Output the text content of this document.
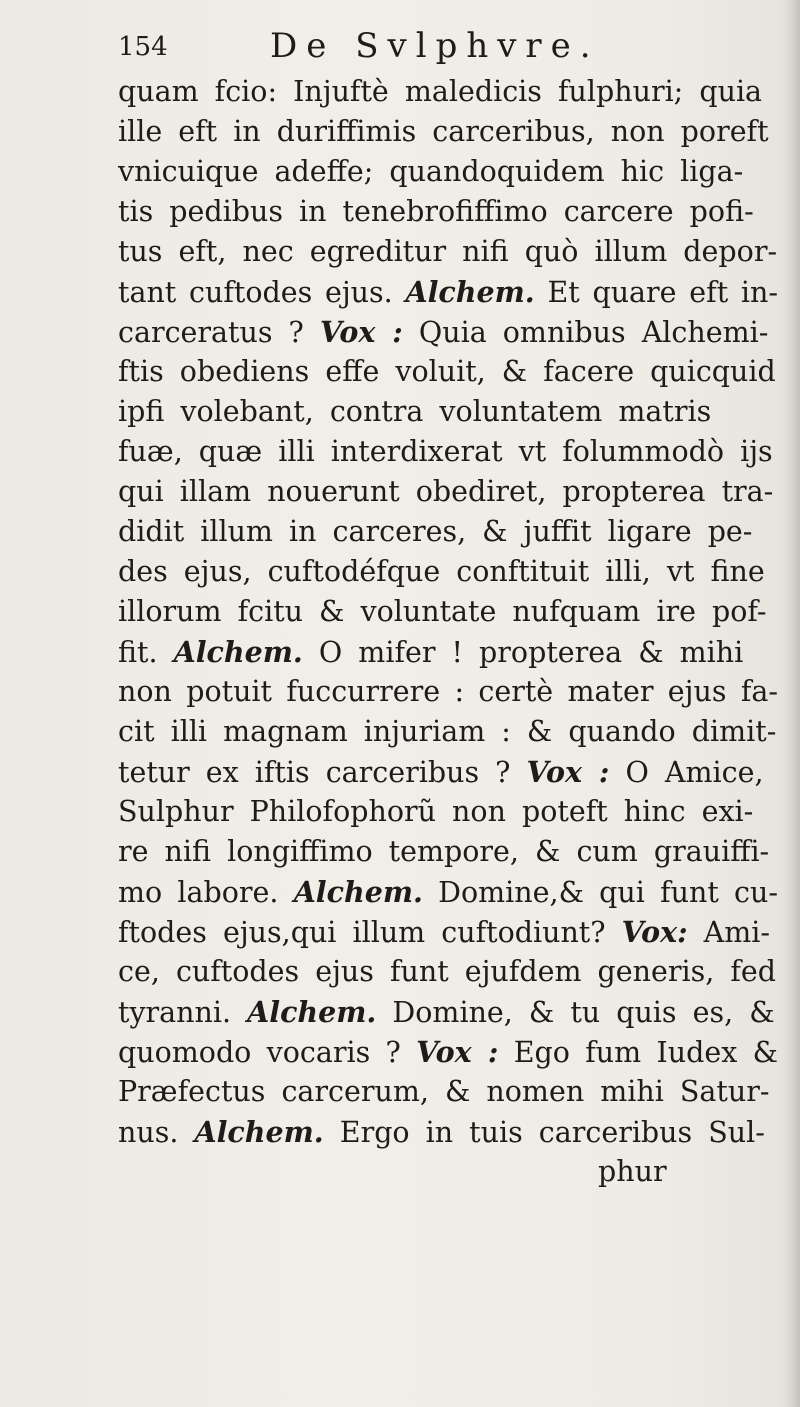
154	De Svlphvre.
quam fcio: Injuftè maledicis fulphuri; quia
ille eft in duriffimis carceribus, non poreft
vnicuique adeffe; quandoquidem hic liga-
tis pedibus in tenebrofiffimo carcere pofi-
tus eft, nec egreditur nifi quò illum depor-
tant cuftodes ejus. Alchem. Et quare eft in-
carceratus ? Vox : Quia omnibus Alchemi-
ftis obediens effe voluit, & facere quicquid
ipfi volebant, contra voluntatem matris
fuæ, quæ illi interdixerat vt folummodò ijs
qui illam nouerunt obediret, propterea tra-
didit illum in carceres, & juffit ligare pe-
des ejus, cuftodéfque conftituit illi, vt fine
illorum fcitu & voluntate nufquam ire pof-
fit. Alchem. O mifer ! propterea & mihi
non potuit fuccurrere : certè mater ejus fa-
cit illi magnam injuriam : & quando dimit-
tetur ex iftis carceribus ? Vox : O Amice,
Sulphur Philofophorũ non poteft hinc exi-
re nifi longiffimo tempore, & cum grauiffi-
mo labore. Alchem. Domine,& qui funt cu-
ftodes ejus,qui illum cuftodiunt? Vox: Ami-
ce, cuftodes ejus funt ejufdem generis, fed
tyranni. Alchem. Domine, & tu quis es, &
quomodo vocaris ? Vox : Ego fum Iudex &
Præfectus carcerum, & nomen mihi Satur-
nus. Alchem. Ergo in tuis carceribus Sul-
phur
